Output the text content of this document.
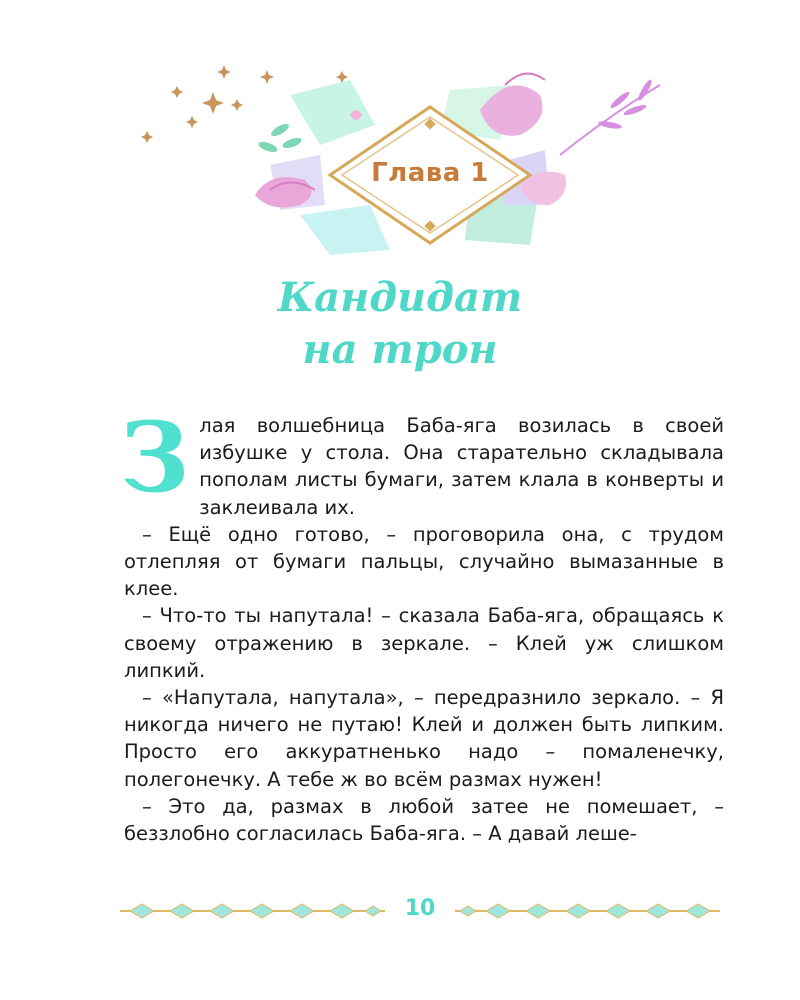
Глава 1
Кандидат
на трон
З лая волшебница Баба-яга возилась в своей избушке у стола. Она старательно складывала пополам листы бумаги, затем клала в конверты и заклеивала их.

– Ещё одно готово, – проговорила она, с трудом отлепляя от бумаги пальцы, случайно вымазанные в клее.

– Что-то ты напутала! – сказала Баба-яга, обращаясь к своему отражению в зеркале. – Клей уж слишком липкий.

– «Напутала, напутала», – передразнило зеркало. – Я никогда ничего не путаю! Клей и должен быть липким. Просто его аккуратненько надо – помаленечку, полегонечку. А тебе ж во всём размах нужен!

– Это да, размах в любой затее не помешает, – беззлобно согласилась Баба-яга. – А давай леше-

10
